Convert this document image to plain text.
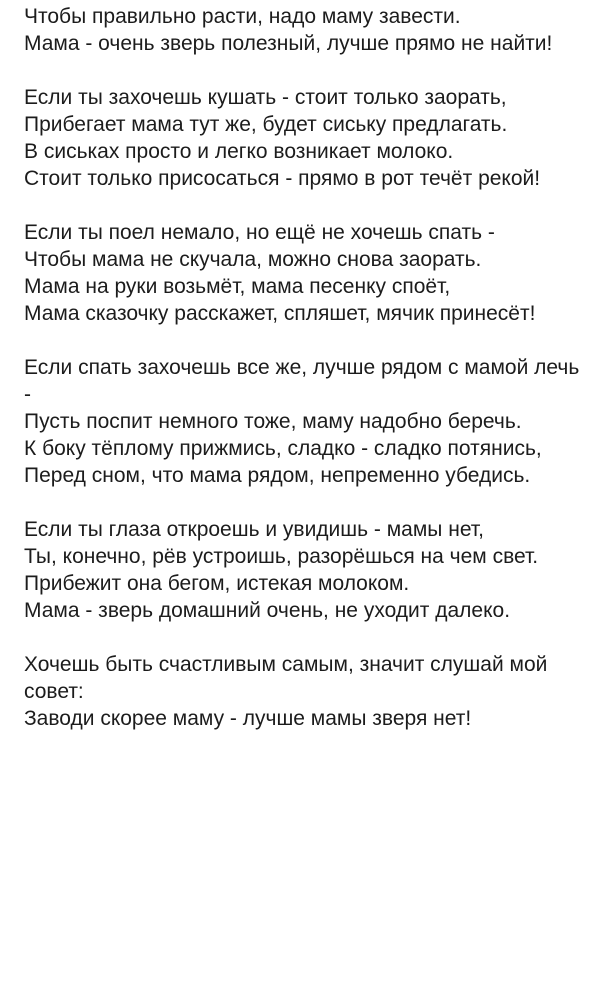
Чтобы правильно расти, надо маму завести.
Мама - очень зверь полезный, лучше прямо не найти!
Если ты захочешь кушать - стоит только заорать,
Прибегает мама тут же, будет сиську предлагать.
В сиськах просто и легко возникает молоко.
Стоит только присосаться - прямо в рот течёт рекой!
Если ты поел немало, но ещё не хочешь спать -
Чтобы мама не скучала, можно снова заорать.
Мама на руки возьмёт, мама песенку споёт,
Мама сказочку расскажет, спляшет, мячик принесёт!
Если спать захочешь все же, лучше рядом с мамой лечь -
Пусть поспит немного тоже, маму надобно беречь.
К боку тёплому прижмись, сладко - сладко потянись,
Перед сном, что мама рядом, непременно убедись.
Если ты глаза откроешь и увидишь - мамы нет,
Ты, конечно, рёв устроишь, разорёшься на чем свет.
Прибежит она бегом, истекая молоком.
Мама - зверь домашний очень, не уходит далеко.
Хочешь быть счастливым самым, значит слушай мой совет:
Заводи скорее маму - лучше мамы зверя нет!
